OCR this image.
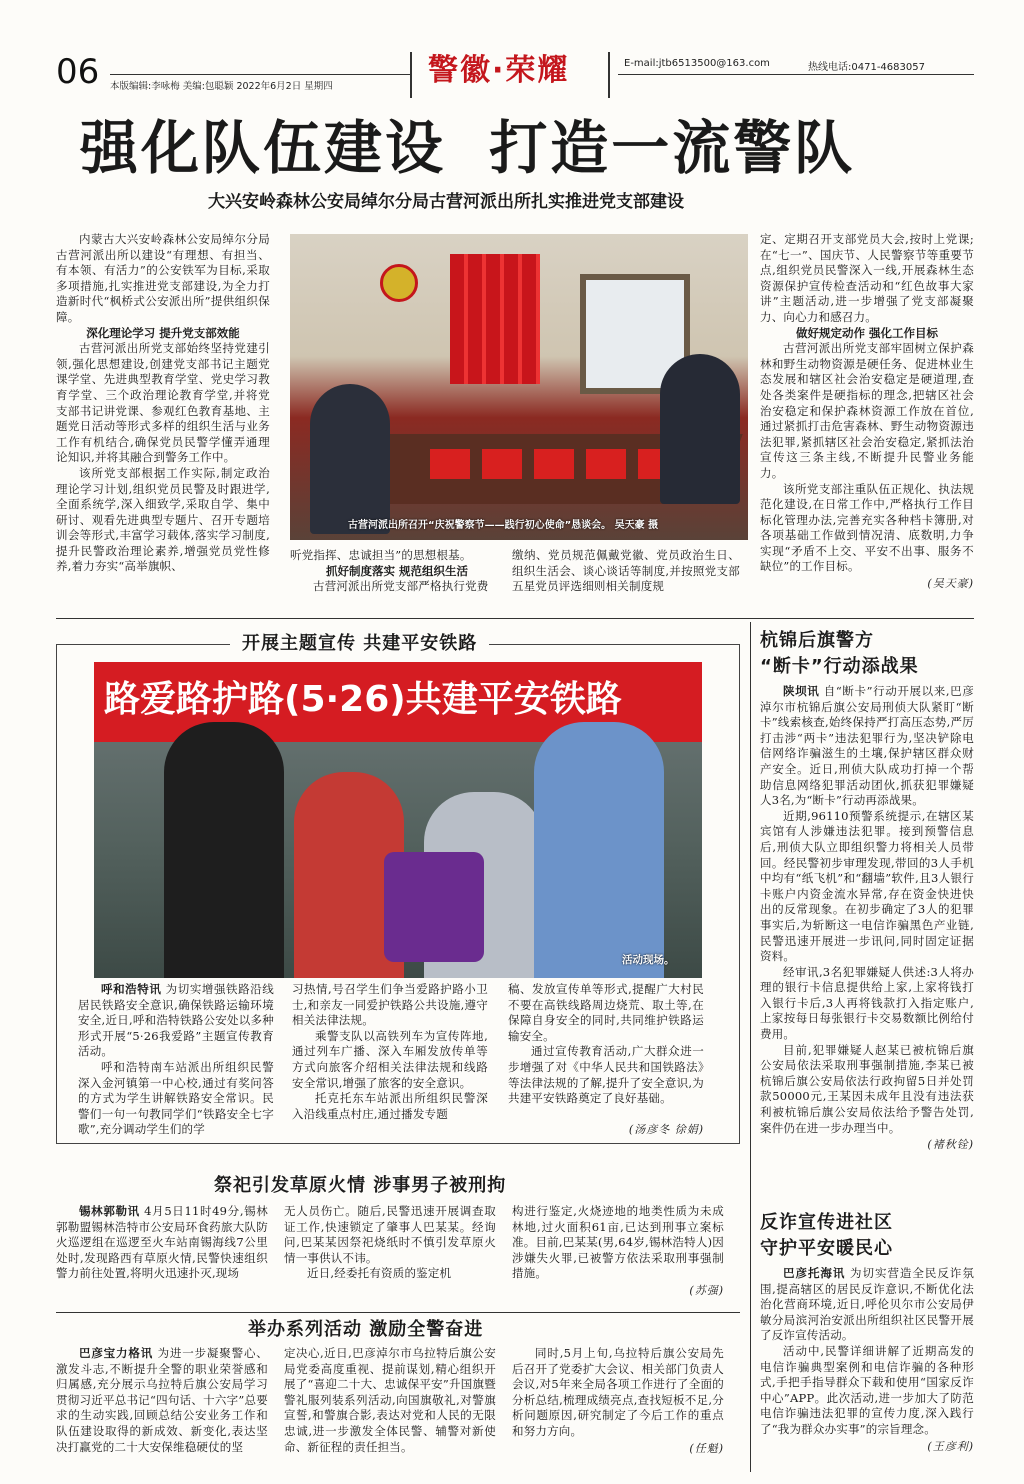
06 本版编辑:李咏梅 美编:包聪颖 2022年6月2日 星期四	警徽·荣耀	E-mail:jtb6513500@163.com	热线电话:0471-4683057
强化队伍建设 打造一流警队
大兴安岭森林公安局绰尔分局古营河派出所扎实推进党支部建设

内蒙古大兴安岭森林公安局绰尔分局古营河派出所以建设“有理想、有担当、有本领、有活力”的公安铁军为目标,采取多项措施,扎实推进党支部建设,为全力打造新时代“枫桥式公安派出所”提供组织保障。

深化理论学习 提升党支部效能

古营河派出所党支部始终坚持党建引领,强化思想建设,创建党支部书记主题党课学堂、先进典型教育学堂、党史学习教育学堂、三个政治理论教育学堂,并将党支部书记讲党课、参观红色教育基地、主题党日活动等形式多样的组织生活与业务工作有机结合,确保党员民警学懂弄通理论知识,并将其融合到警务工作中。

该所党支部根据工作实际,制定政治理论学习计划,组织党员民警及时跟进学,全面系统学,深入细致学,采取自学、集中研讨、观看先进典型专题片、召开专题培训会等形式,丰富学习载体,落实学习制度,提升民警政治理论素养,增强党员党性修养,着力夯实“高举旗帜、

古营河派出所召开“庆祝警察节——践行初心使命”恳谈会。 吴天豪 摄

听党指挥、忠诚担当”的思想根基。

抓好制度落实 规范组织生活

古营河派出所党支部严格执行党费

缴纳、党员规范佩戴党徽、党员政治生日、组织生活会、谈心谈话等制度,并按照党支部五星党员评选细则相关制度规

定、定期召开支部党员大会,按时上党课;在“七一”、国庆节、人民警察节等重要节点,组织党员民警深入一线,开展森林生态资源保护宣传检查活动和“红色故事大家讲”主题活动,进一步增强了党支部凝聚力、向心力和感召力。

做好规定动作 强化工作目标

古营河派出所党支部牢固树立保护森林和野生动物资源是硬任务、促进林业生态发展和辖区社会治安稳定是硬道理,查处各类案件是硬指标的理念,把辖区社会治安稳定和保护森林资源工作放在首位,通过紧抓打击危害森林、野生动物资源违法犯罪,紧抓辖区社会治安稳定,紧抓法治宣传这三条主线,不断提升民警业务能力。

该所党支部注重队伍正规化、执法规范化建设,在日常工作中,严格执行工作目标化管理办法,完善充实各种档卡簿册,对各项基础工作做到情况清、底数明,力争实现“矛盾不上交、平安不出事、服务不缺位”的工作目标。

(吴天豪)

开展主题宣传 共建平安铁路
路爱路护路(5·26)共建平安铁路
活动现场。

呼和浩特讯 为切实增强铁路沿线居民铁路安全意识,确保铁路运输环境安全,近日,呼和浩特铁路公安处以多种形式开展“5·26我爱路”主题宣传教育活动。

呼和浩特南车站派出所组织民警深入金河镇第一中心校,通过有奖问答的方式为学生讲解铁路安全常识。民警们一句一句教同学们“铁路安全七字歌”,充分调动学生们的学

习热情,号召学生们争当爱路护路小卫士,和亲友一同爱护铁路公共设施,遵守相关法律法规。

乘警支队以高铁列车为宣传阵地,通过列车广播、深入车厢发放传单等方式向旅客介绍相关法律法规和线路安全常识,增强了旅客的安全意识。

托克托东车站派出所组织民警深入沿线重点村庄,通过播发专题

稿、发放宣传单等形式,提醒广大村民不要在高铁线路周边烧荒、取土等,在保障自身安全的同时,共同维护铁路运输安全。

通过宣传教育活动,广大群众进一步增强了对《中华人民共和国铁路法》等法律法规的了解,提升了安全意识,为共建平安铁路奠定了良好基础。

(汤彦冬 徐娟)

祭祀引发草原火情 涉事男子被刑拘

锡林郭勒讯 4月5日11时49分,锡林郭勒盟锡林浩特市公安局环食药旅大队防火巡逻组在巡逻至火车站南锡海线7公里处时,发现路西有草原火情,民警快速组织警力前往处置,将明火迅速扑灭,现场

无人员伤亡。随后,民警迅速开展调查取证工作,快速锁定了肇事人巴某某。经询问,巴某某因祭祀烧纸时不慎引发草原火情一事供认不讳。

近日,经委托有资质的鉴定机

构进行鉴定,火烧迹地的地类性质为未成林地,过火面积61亩,已达到刑事立案标准。目前,巴某某(男,64岁,锡林浩特人)因涉嫌失火罪,已被警方依法采取刑事强制措施。

(苏强)

举办系列活动 激励全警奋进

巴彦宝力格讯 为进一步凝聚警心、激发斗志,不断提升全警的职业荣誉感和归属感,充分展示乌拉特后旗公安局学习贯彻习近平总书记“四句话、十六字”总要求的生动实践,回顾总结公安业务工作和队伍建设取得的新成效、新变化,表达坚决打赢党的二十大安保维稳硬仗的坚

定决心,近日,巴彦淖尔市乌拉特后旗公安局党委高度重视、提前谋划,精心组织开展了“喜迎二十大、忠诚保平安”升国旗暨警礼服列装系列活动,向国旗敬礼,对警旗宣誓,和警旗合影,表达对党和人民的无限忠诚,进一步激发全体民警、辅警对新使命、新征程的责任担当。

同时,5月上旬,乌拉特后旗公安局先后召开了党委扩大会议、相关部门负责人会议,对5年来全局各项工作进行了全面的分析总结,梳理成绩亮点,查找短板不足,分析问题原因,研究制定了今后工作的重点和努力方向。

(任魁)

杭锦后旗警方
“断卡”行动添战果

陕坝讯 自“断卡”行动开展以来,巴彦淖尔市杭锦后旗公安局刑侦大队紧盯“断卡”线索核查,始终保持严打高压态势,严厉打击涉“两卡”违法犯罪行为,坚决铲除电信网络诈骗滋生的土壤,保护辖区群众财产安全。近日,刑侦大队成功打掉一个帮助信息网络犯罪活动团伙,抓获犯罪嫌疑人3名,为“断卡”行动再添战果。

近期,96110预警系统提示,在辖区某宾馆有人涉嫌违法犯罪。接到预警信息后,刑侦大队立即组织警力将相关人员带回。经民警初步审理发现,带回的3人手机中均有“纸飞机”和“翻墙”软件,且3人银行卡账户内资金流水异常,存在资金快进快出的反常现象。在初步确定了3人的犯罪事实后,为斩断这一电信诈骗黑色产业链,民警迅速开展进一步讯问,同时固定证据资料。

经审讯,3名犯罪嫌疑人供述:3人将办理的银行卡信息提供给上家,上家将钱打入银行卡后,3人再将钱款打入指定账户,上家按每日每张银行卡交易数额比例给付费用。

目前,犯罪嫌疑人赵某已被杭锦后旗公安局依法采取刑事强制措施,李某已被杭锦后旗公安局依法行政拘留5日并处罚款50000元,王某因未成年且没有违法获利被杭锦后旗公安局依法给予警告处罚,案件仍在进一步办理当中。

(褚秋铨)

反诈宣传进社区
守护平安暖民心

巴彦托海讯 为切实营造全民反诈氛围,提高辖区的居民反诈意识,不断优化法治化营商环境,近日,呼伦贝尔市公安局伊敏分局滨河治安派出所组织社区民警开展了反诈宣传活动。

活动中,民警详细讲解了近期高发的电信诈骗典型案例和电信诈骗的各种形式,手把手指导群众下载和使用“国家反诈中心”APP。此次活动,进一步加大了防范电信诈骗违法犯罪的宣传力度,深入践行了“我为群众办实事”的宗旨理念。

(王彦利)
